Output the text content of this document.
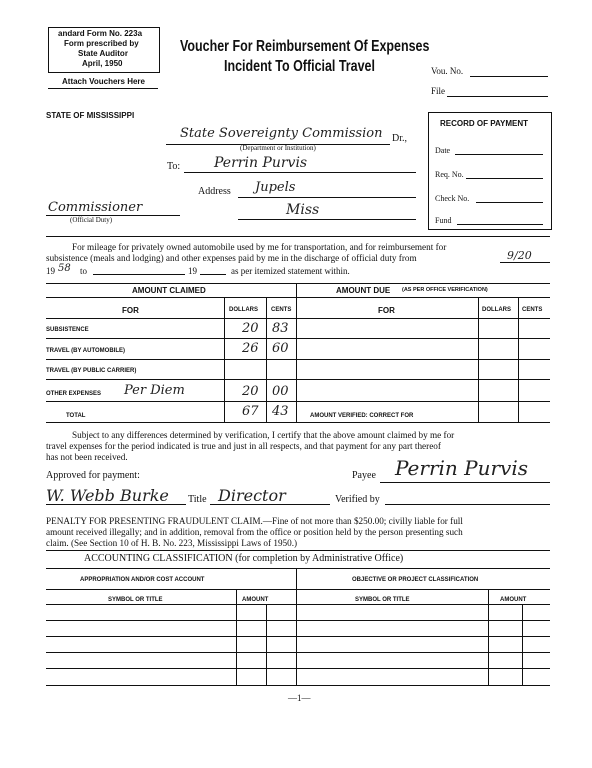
andard Form No. 223a
Form prescribed by
State Auditor
April, 1950
Attach Vouchers Here
Voucher For Reimbursement Of Expenses
Incident To Official Travel	Vou. No.
File
STATE OF MISSISSIPPI
State Sovereignty Commission Dr.,
(Department or Institution)
To: Perrin Purvis
Address Jupels
Miss
Commissioner
(Official Duty)
RECORD OF PAYMENT
Date
Req. No.
Check No.
Fund
For mileage for privately owned automobile used by me for transportation, and for reimbursement for
subsistence (meals and lodging) and other expenses paid by me in the discharge of official duty from	9/20
19 58 to	19	as per itemized statement within.
AMOUNT CLAIMED	AMOUNT DUE (AS PER OFFICE VERIFICATION)
FOR	DOLLARS CENTS	FOR	DOLLARS CENTS
SUBSISTENCE	20 83
TRAVEL (BY AUTOMOBILE)	26 60
TRAVEL (BY PUBLIC CARRIER)
OTHER EXPENSES Per Diem	20 00
TOTAL	67 43	AMOUNT VERIFIED: CORRECT FOR
Subject to any differences determined by verification, I certify that the above amount claimed by me for
travel expenses for the period indicated is true and just in all respects, and that payment for any part thereof
has not been received.
Approved for payment:	Payee Perrin Purvis
W. Webb Burke Title Director	Verified by
PENALTY FOR PRESENTING FRAUDULENT CLAIM.—Fine of not more than $250.00; civilly liable for full
amount received illegally; and in addition, removal from the office or position held by the person presenting such
claim. (See Section 10 of H. B. No. 223, Mississippi Laws of 1950.)
ACCOUNTING CLASSIFICATION (for completion by Administrative Office)
APPROPRIATION AND/OR COST ACCOUNT	OBJECTIVE OR PROJECT CLASSIFICATION
SYMBOL OR TITLE	AMOUNT	SYMBOL OR TITLE	AMOUNT
—1—
